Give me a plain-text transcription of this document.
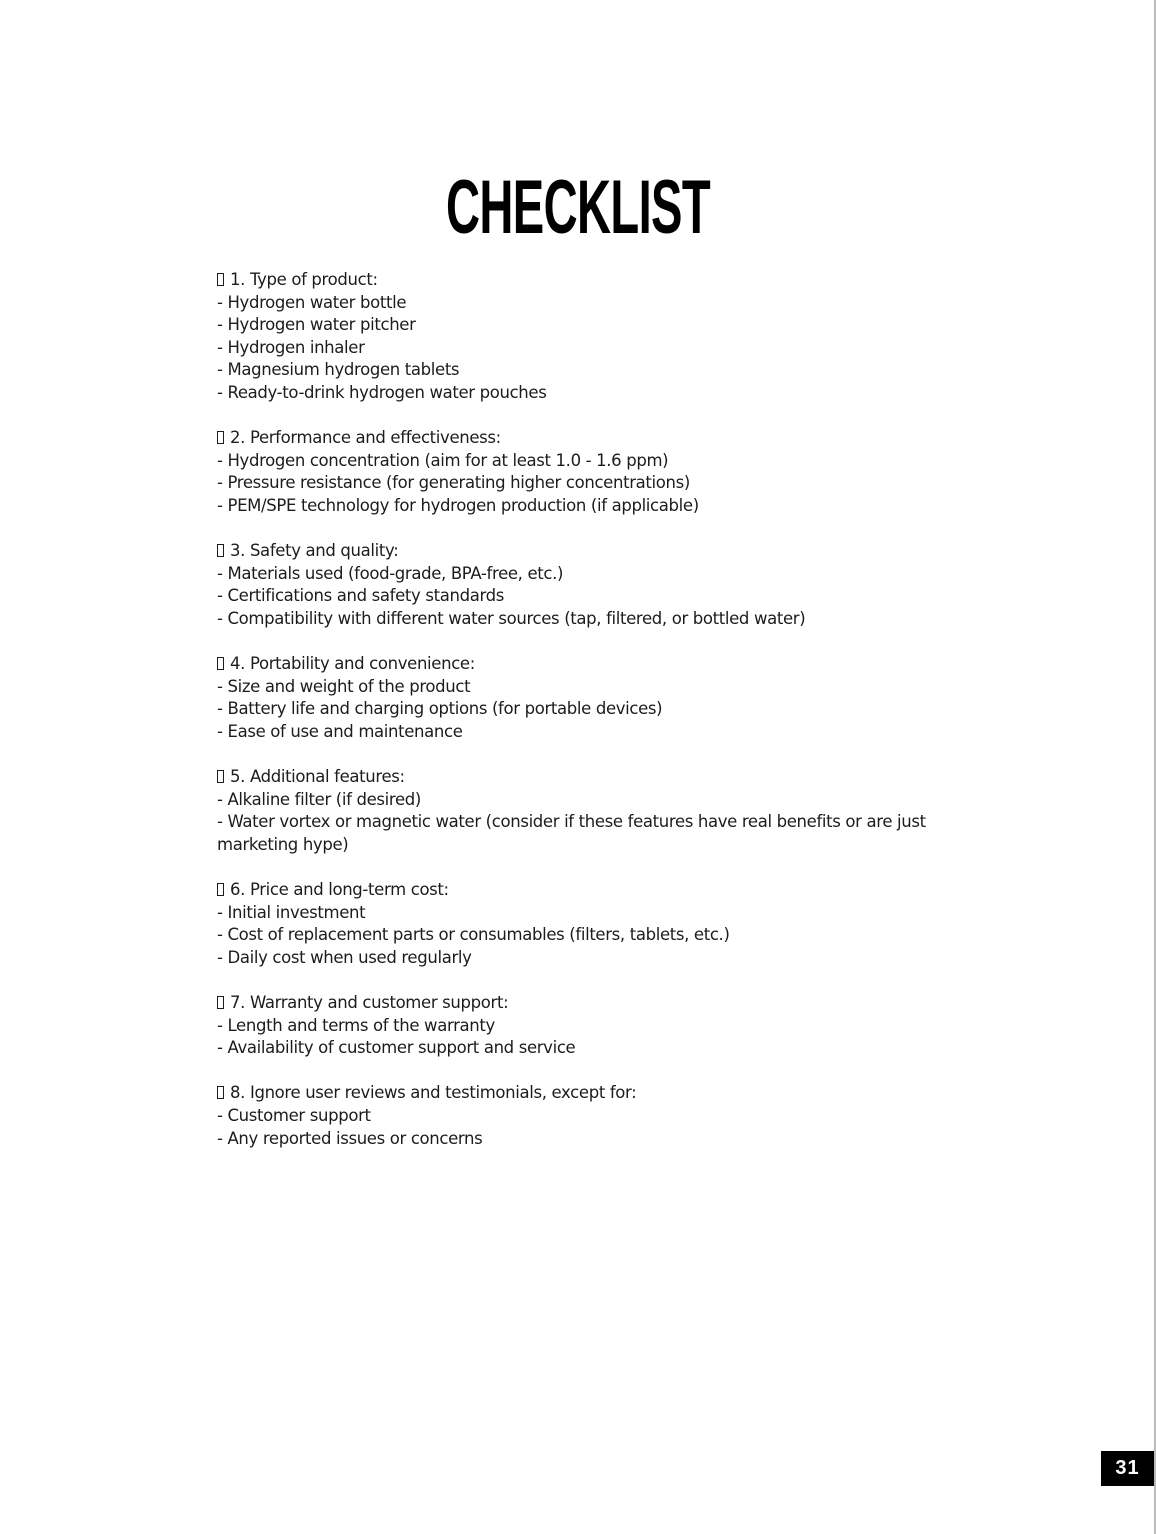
CHECKLIST
1. Type of product:
- Hydrogen water bottle
- Hydrogen water pitcher
- Hydrogen inhaler
- Magnesium hydrogen tablets
- Ready-to-drink hydrogen water pouches
2. Performance and effectiveness:
- Hydrogen concentration (aim for at least 1.0 - 1.6 ppm)
- Pressure resistance (for generating higher concentrations)
- PEM/SPE technology for hydrogen production (if applicable)
3. Safety and quality:
- Materials used (food-grade, BPA-free, etc.)
- Certifications and safety standards
- Compatibility with different water sources (tap, filtered, or bottled water)
4. Portability and convenience:
- Size and weight of the product
- Battery life and charging options (for portable devices)
- Ease of use and maintenance
5. Additional features:
- Alkaline filter (if desired)
- Water vortex or magnetic water (consider if these features have real benefits or are just marketing hype)
6. Price and long-term cost:
- Initial investment
- Cost of replacement parts or consumables (filters, tablets, etc.)
- Daily cost when used regularly
7. Warranty and customer support:
- Length and terms of the warranty
- Availability of customer support and service
8. Ignore user reviews and testimonials, except for:
- Customer support
- Any reported issues or concerns
31
